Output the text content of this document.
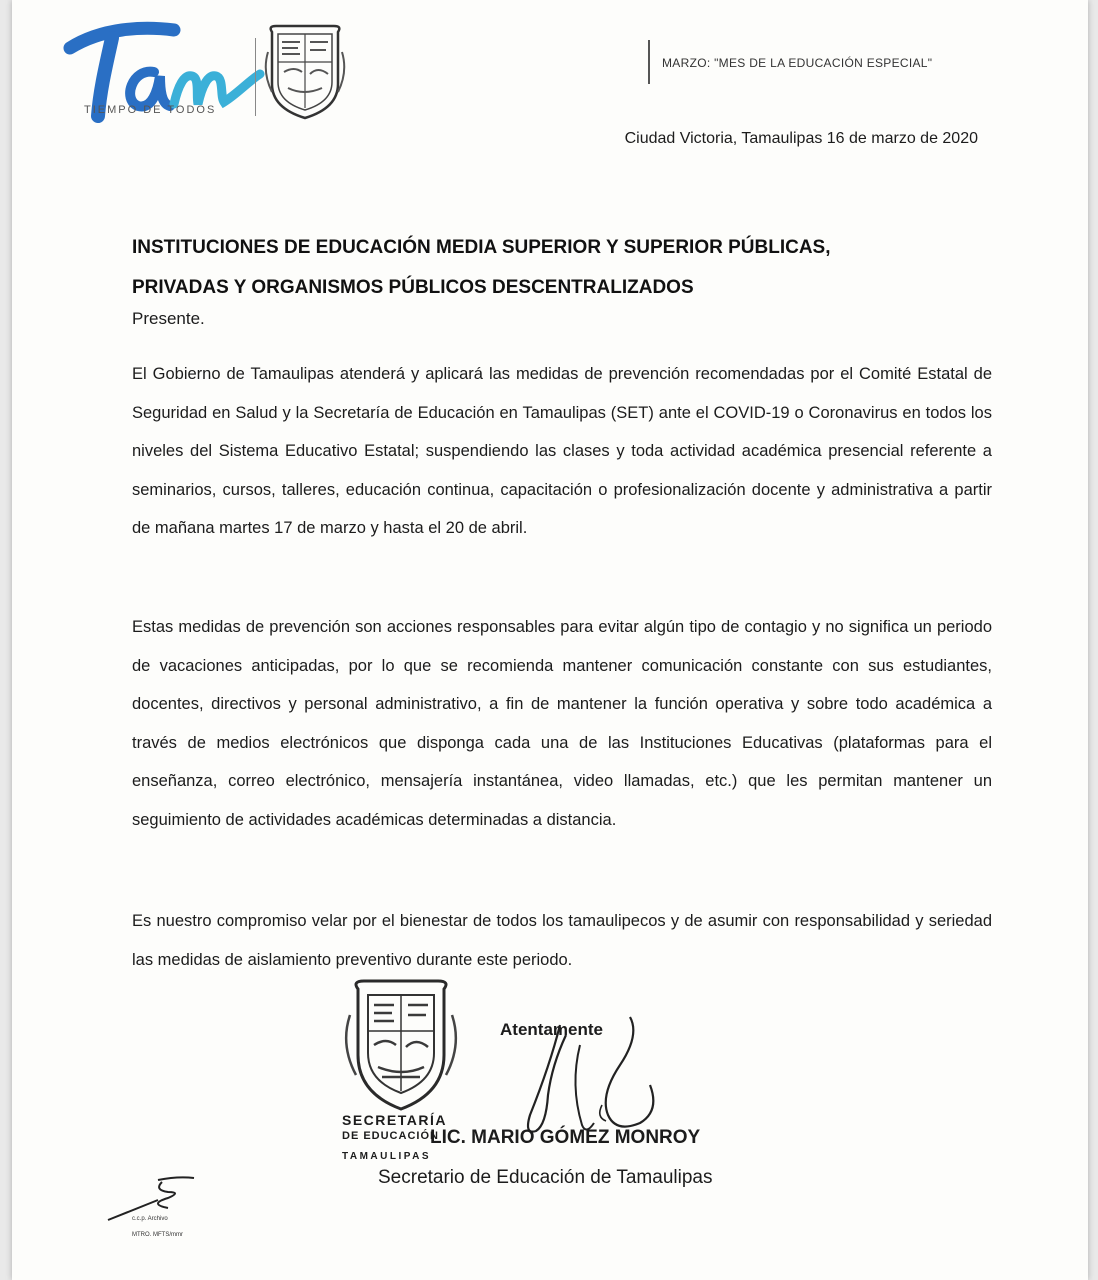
TIEMPO DE TODOS
MARZO: "MES DE LA EDUCACIÓN ESPECIAL"
Ciudad Victoria, Tamaulipas 16 de marzo de 2020
INSTITUCIONES DE EDUCACIÓN MEDIA SUPERIOR Y SUPERIOR PÚBLICAS,
PRIVADAS Y ORGANISMOS PÚBLICOS DESCENTRALIZADOS
Presente.
El Gobierno de Tamaulipas atenderá y aplicará las medidas de prevención recomendadas por el Comité Estatal de Seguridad en Salud y la Secretaría de Educación en Tamaulipas (SET) ante el COVID-19 o Coronavirus en todos los niveles del Sistema Educativo Estatal; suspendiendo las clases y toda actividad académica presencial referente a seminarios, cursos, talleres, educación continua, capacitación o profesionalización docente y administrativa a partir de mañana martes 17 de marzo y hasta el 20 de abril.
Estas medidas de prevención son acciones responsables para evitar algún tipo de contagio y no significa un periodo de vacaciones anticipadas, por lo que se recomienda mantener comunicación constante con sus estudiantes, docentes, directivos y personal administrativo, a fin de mantener la función operativa y sobre todo académica a través de medios electrónicos que disponga cada una de las Instituciones Educativas (plataformas para el enseñanza, correo electrónico, mensajería instantánea, video llamadas, etc.) que les permitan mantener un seguimiento de actividades académicas determinadas a distancia.
Es nuestro compromiso velar por el bienestar de todos los tamaulipecos y de asumir con responsabilidad y seriedad las medidas de aislamiento preventivo durante este periodo.
SECRETARÍA
DE EDUCACIÓN
TAMAULIPAS
Atentamente
LIC. MARIO GÓMEZ MONROY
Secretario de Educación de Tamaulipas
c.c.p. Archivo
MTRO. MFTS/mmr
